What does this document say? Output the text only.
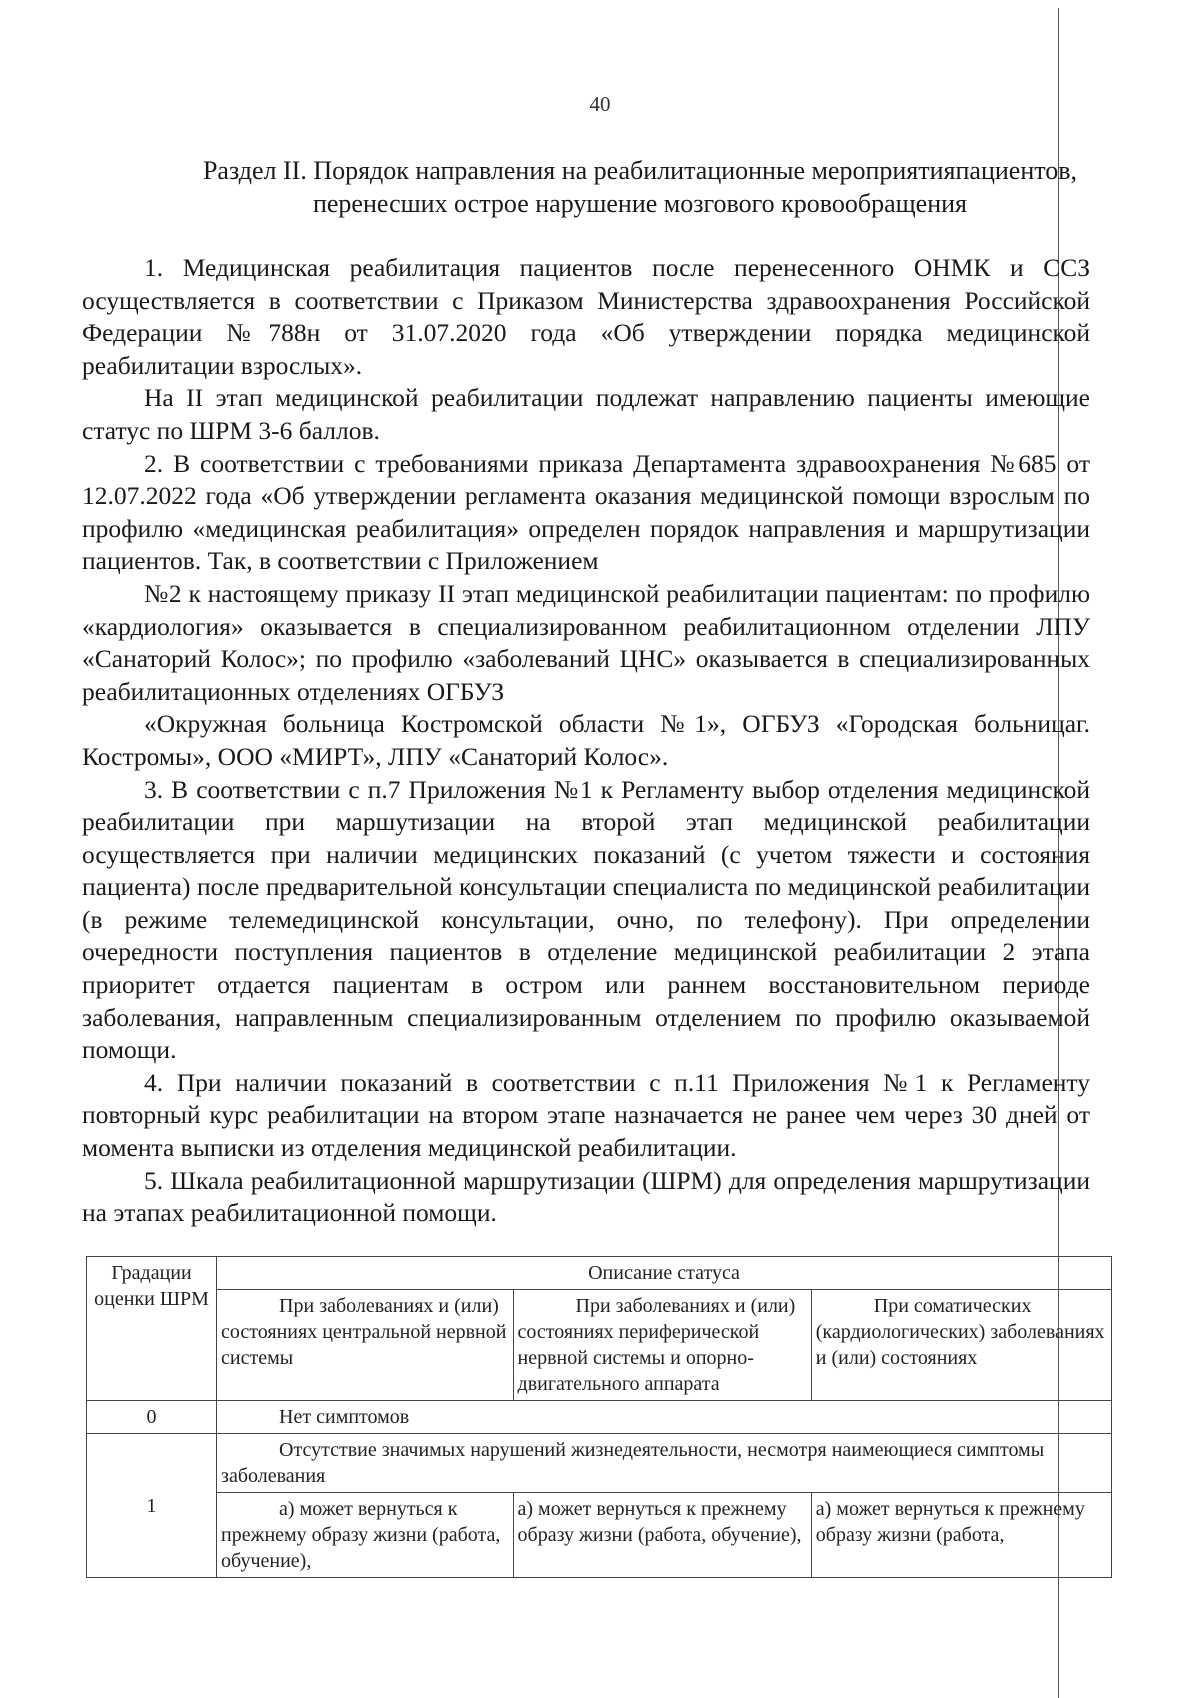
40
Раздел II. Порядок направления на реабилитационные мероприятияпациентов,
перенесших острое нарушение мозгового кровообращения

1. Медицинская реабилитация пациентов после перенесенного ОНМК и ССЗ осуществляется в соответствии с Приказом Министерства здравоохранения Российской Федерации №788н от 31.07.2020 года «Об утверждении порядка медицинской реабилитации взрослых».

На II этап медицинской реабилитации подлежат направлению пациенты имеющие статус по ШРМ 3-6 баллов.

2. В соответствии с требованиями приказа Департамента здравоохранения №685 от 12.07.2022 года «Об утверждении регламента оказания медицинской помощи взрослым по профилю «медицинская реабилитация» определен порядок направления и маршрутизации пациентов. Так, в соответствии с Приложением

№2 к настоящему приказу II этап медицинской реабилитации пациентам: по профилю «кардиология» оказывается в специализированном реабилитационном отделении ЛПУ «Санаторий Колос»; по профилю «заболеваний ЦНС» оказывается в специализированных реабилитационных отделениях ОГБУЗ

«Окружная больница Костромской области №1», ОГБУЗ «Городская больницаг. Костромы», ООО «МИРТ», ЛПУ «Санаторий Колос».

3. В соответствии с п.7 Приложения №1 к Регламенту выбор отделения медицинской реабилитации при маршутизации на второй этап медицинской реабилитации осуществляется при наличии медицинских показаний (с учетом тяжести и состояния пациента) после предварительной консультации специалиста по медицинской реабилитации (в режиме телемедицинской консультации, очно, по телефону). При определении очередности поступления пациентов в отделение медицинской реабилитации 2 этапа приоритет отдается пациентам в остром или раннем восстановительном периоде заболевания, направленным специализированным отделением по профилю оказываемой помощи.

4. При наличии показаний в соответствии с п.11 Приложения №1 к Регламенту повторный курс реабилитации на втором этапе назначается не ранее чем через 30 дней от момента выписки из отделения медицинской реабилитации.

5. Шкала реабилитационной маршрутизации (ШРМ) для определения маршрутизации на этапах реабилитационной помощи.

Градации оценки ШРМ	Описание статуса		

	При заболеваниях и (или) состояниях центральной нервной системы	При заболеваниях и (или) состояниях периферической нервной системы и опорно-двигательного аппарата	При соматических (кардиологических) заболеваниях и (или) состояниях

0	Нет симптомов		

1	Отсутствие значимых нарушений жизнедеятельности, несмотря наимеющиеся симптомы заболевания		

	а) может вернуться к прежнему образу жизни (работа, обучение),	а) может вернуться к прежнему образу жизни (работа, обучение),	а) может вернуться к прежнему образу жизни (работа,
